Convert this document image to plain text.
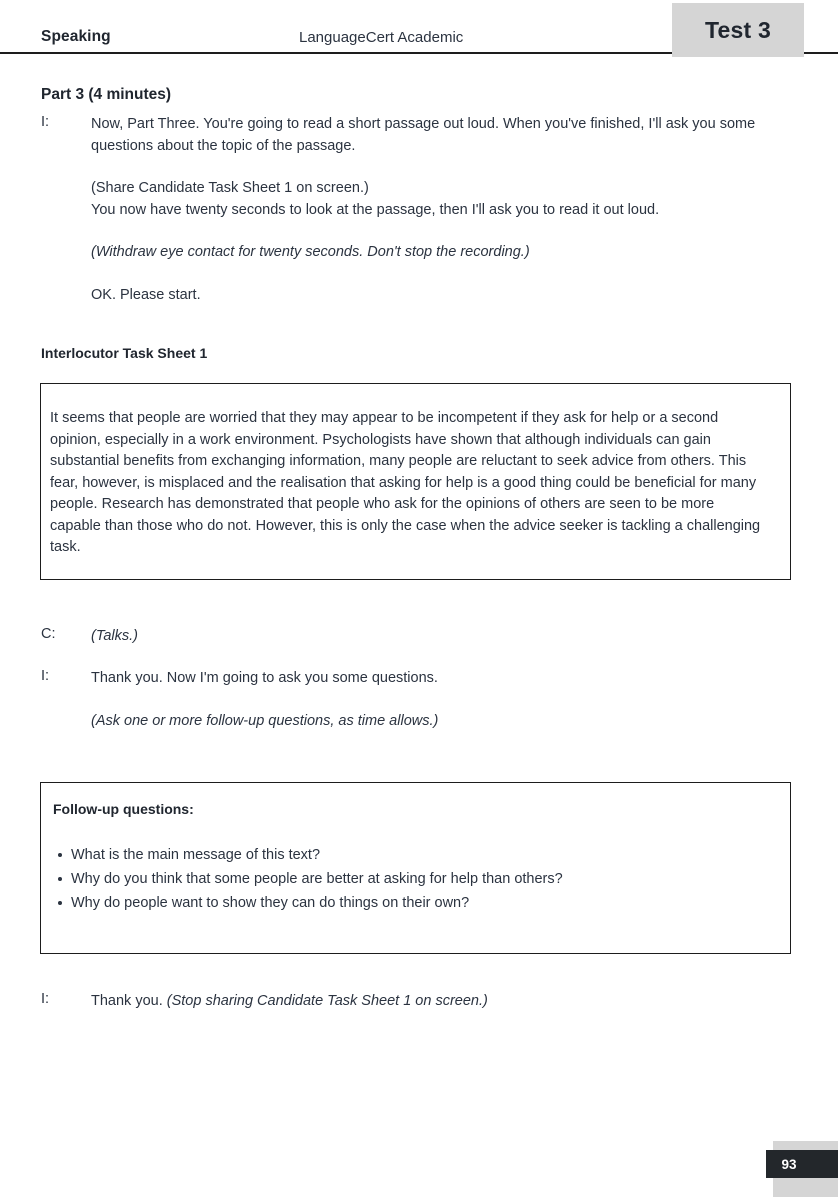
Speaking	LanguageCert Academic	Test 3
Part 3 (4 minutes)
I:	Now, Part Three. You're going to read a short passage out loud. When you've finished, I'll ask you some questions about the topic of the passage.

(Share Candidate Task Sheet 1 on screen.)

You now have twenty seconds to look at the passage, then I'll ask you to read it out loud.

(Withdraw eye contact for twenty seconds. Don't stop the recording.)

OK. Please start.

Interlocutor Task Sheet 1

It seems that people are worried that they may appear to be incompetent if they ask for help or a second opinion, especially in a work environment. Psychologists have shown that although individuals can gain substantial benefits from exchanging information, many people are reluctant to seek advice from others. This fear, however, is misplaced and the realisation that asking for help is a good thing could be beneficial for many people. Research has demonstrated that people who ask for the opinions of others are seen to be more capable than those who do not. However, this is only the case when the advice seeker is tackling a challenging task.

C:	(Talks.)

I:	Thank you. Now I'm going to ask you some questions.

(Ask one or more follow-up questions, as time allows.)

Follow-up questions:

What is the main message of this text?
Why do you think that some people are better at asking for help than others?
Why do people want to show they can do things on their own?
I:	Thank you. (Stop sharing Candidate Task Sheet 1 on screen.)

93
